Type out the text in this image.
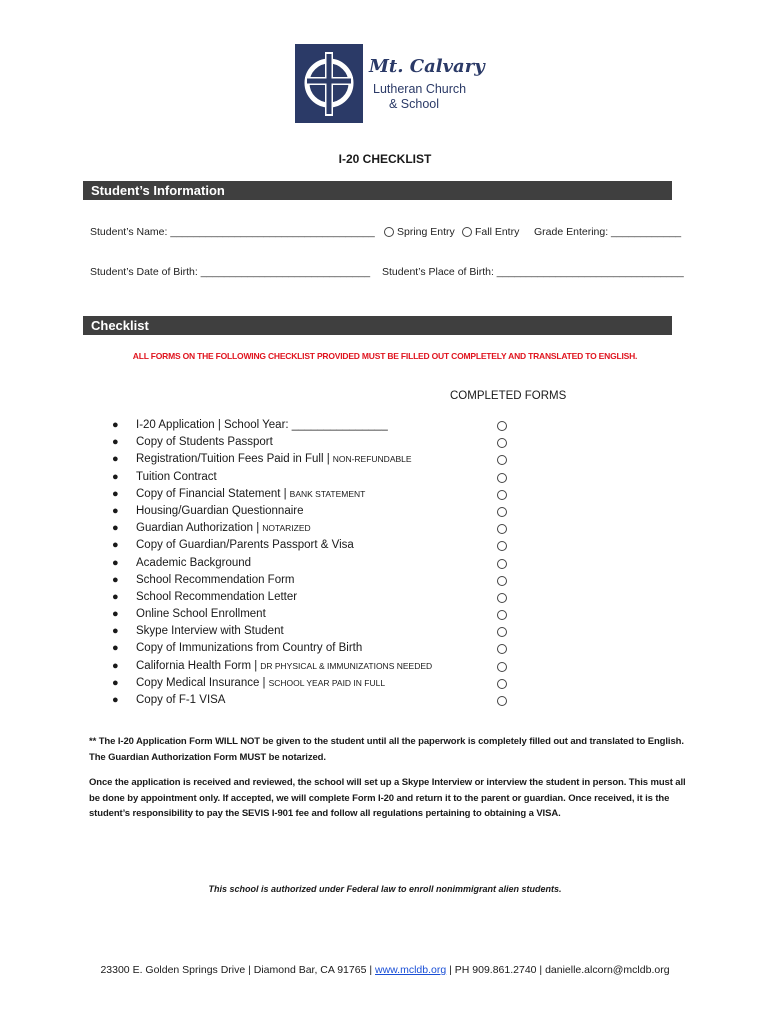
Mt. Calvary
Lutheran Church
& School
I-20 CHECKLIST
Student’s Information
Student’s Name: ___________________________________	Spring Entry	Fall Entry Grade Entering: ____________
Student’s Date of Birth: _____________________________ Student’s Place of Birth: ________________________________
Checklist
ALL FORMS ON THE FOLLOWING CHECKLIST PROVIDED MUST BE FILLED OUT COMPLETELY AND TRANSLATED TO ENGLISH.
COMPLETED FORMS
● I-20 Application | School Year: _______________
● Copy of Students Passport
● Registration/Tuition Fees Paid in Full | NON-REFUNDABLE
● Tuition Contract
● Copy of Financial Statement | BANK STATEMENT
● Housing/Guardian Questionnaire
● Guardian Authorization | NOTARIZED
● Copy of Guardian/Parents Passport & Visa
● Academic Background
● School Recommendation Form
● School Recommendation Letter
● Online School Enrollment
● Skype Interview with Student
● Copy of Immunizations from Country of Birth
● California Health Form | DR PHYSICAL & IMMUNIZATIONS NEEDED
● Copy Medical Insurance | SCHOOL YEAR PAID IN FULL
● Copy of F-1 VISA
** The I-20 Application Form WILL NOT be given to the student until all the paperwork is completely filled out and translated to English. The Guardian Authorization Form MUST be notarized.
Once the application is received and reviewed, the school will set up a Skype Interview or interview the student in person. This must all be done by appointment only. If accepted, we will complete Form I-20 and return it to the parent or guardian. Once received, it is the student’s responsibility to pay the SEVIS I-901 fee and follow all regulations pertaining to obtaining a VISA.
This school is authorized under Federal law to enroll nonimmigrant alien students.
23300 E. Golden Springs Drive | Diamond Bar, CA 91765 | www.mcldb.org | PH 909.861.2740 | danielle.alcorn@mcldb.org
